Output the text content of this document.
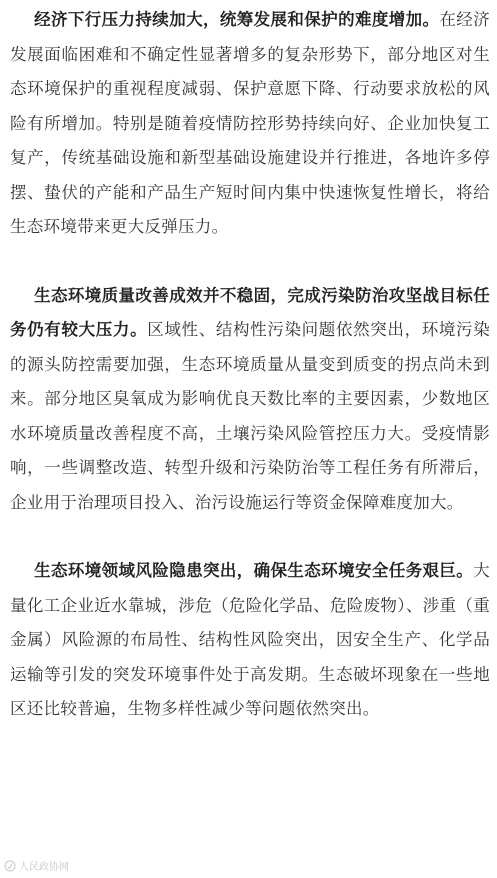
经济下行压力持续加大，统筹发展和保护的难度增加。在经济发展面临困难和不确定性显著增多的复杂形势下，部分地区对生态环境保护的重视程度减弱、保护意愿下降、行动要求放松的风险有所增加。特别是随着疫情防控形势持续向好、企业加快复工复产，传统基础设施和新型基础设施建设并行推进，各地许多停摆、蛰伏的产能和产品生产短时间内集中快速恢复性增长，将给生态环境带来更大反弹压力。

生态环境质量改善成效并不稳固，完成污染防治攻坚战目标任务仍有较大压力。区域性、结构性污染问题依然突出，环境污染的源头防控需要加强，生态环境质量从量变到质变的拐点尚未到来。部分地区臭氧成为影响优良天数比率的主要因素，少数地区水环境质量改善程度不高，土壤污染风险管控压力大。受疫情影响，一些调整改造、转型升级和污染防治等工程任务有所滞后，企业用于治理项目投入、治污设施运行等资金保障难度加大。

生态环境领域风险隐患突出，确保生态环境安全任务艰巨。大量化工企业近水靠城，涉危（危险化学品、危险废物）、涉重（重金属）风险源的布局性、结构性风险突出，因安全生产、化学品运输等引发的突发环境事件处于高发期。生态破坏现象在一些地区还比较普遍，生物多样性减少等问题依然突出。

人民政协网
